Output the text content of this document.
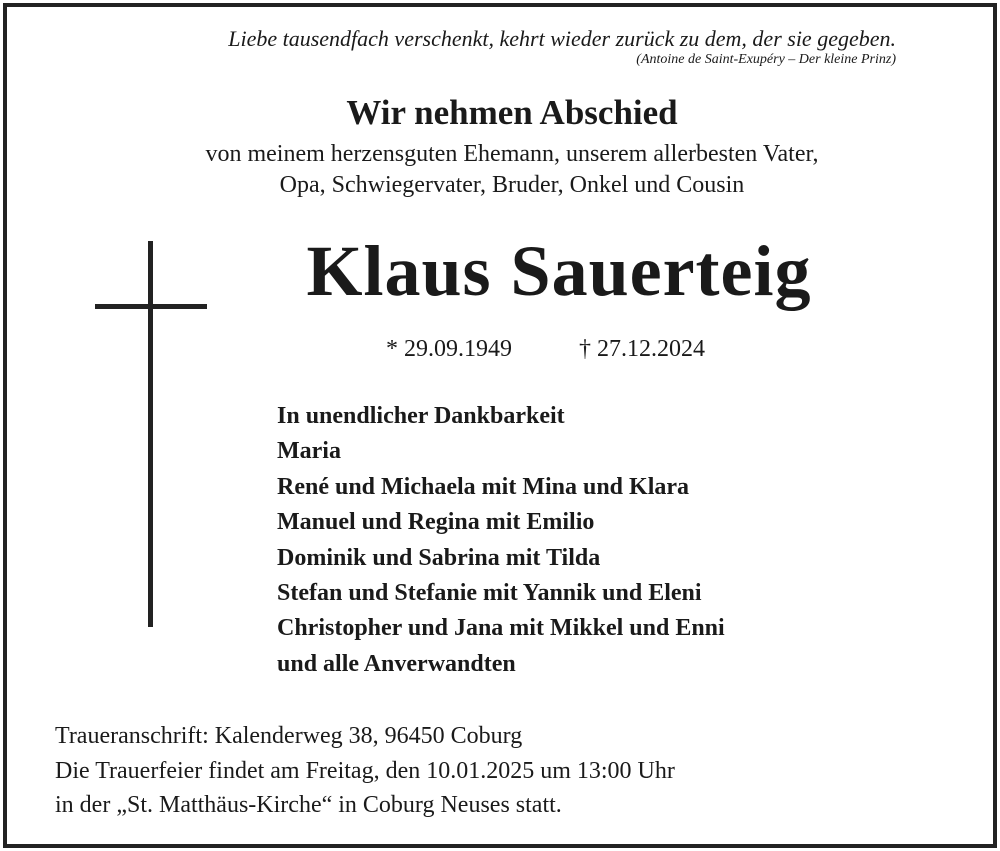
Liebe tausendfach verschenkt, kehrt wieder zurück zu dem, der sie gegeben.
(Antoine de Saint-Exupéry – Der kleine Prinz)
Wir nehmen Abschied
von meinem herzensguten Ehemann, unserem allerbesten Vater,
Opa, Schwiegervater, Bruder, Onkel und Cousin
Klaus Sauerteig
* 29.09.1949	† 27.12.2024
In unendlicher Dankbarkeit
Maria
René und Michaela mit Mina und Klara
Manuel und Regina mit Emilio
Dominik und Sabrina mit Tilda
Stefan und Stefanie mit Yannik und Eleni
Christopher und Jana mit Mikkel und Enni
und alle Anverwandten
Traueranschrift: Kalenderweg 38, 96450 Coburg
Die Trauerfeier findet am Freitag, den 10.01.2025 um 13:00 Uhr
in der „St. Matthäus-Kirche“ in Coburg Neuses statt.
